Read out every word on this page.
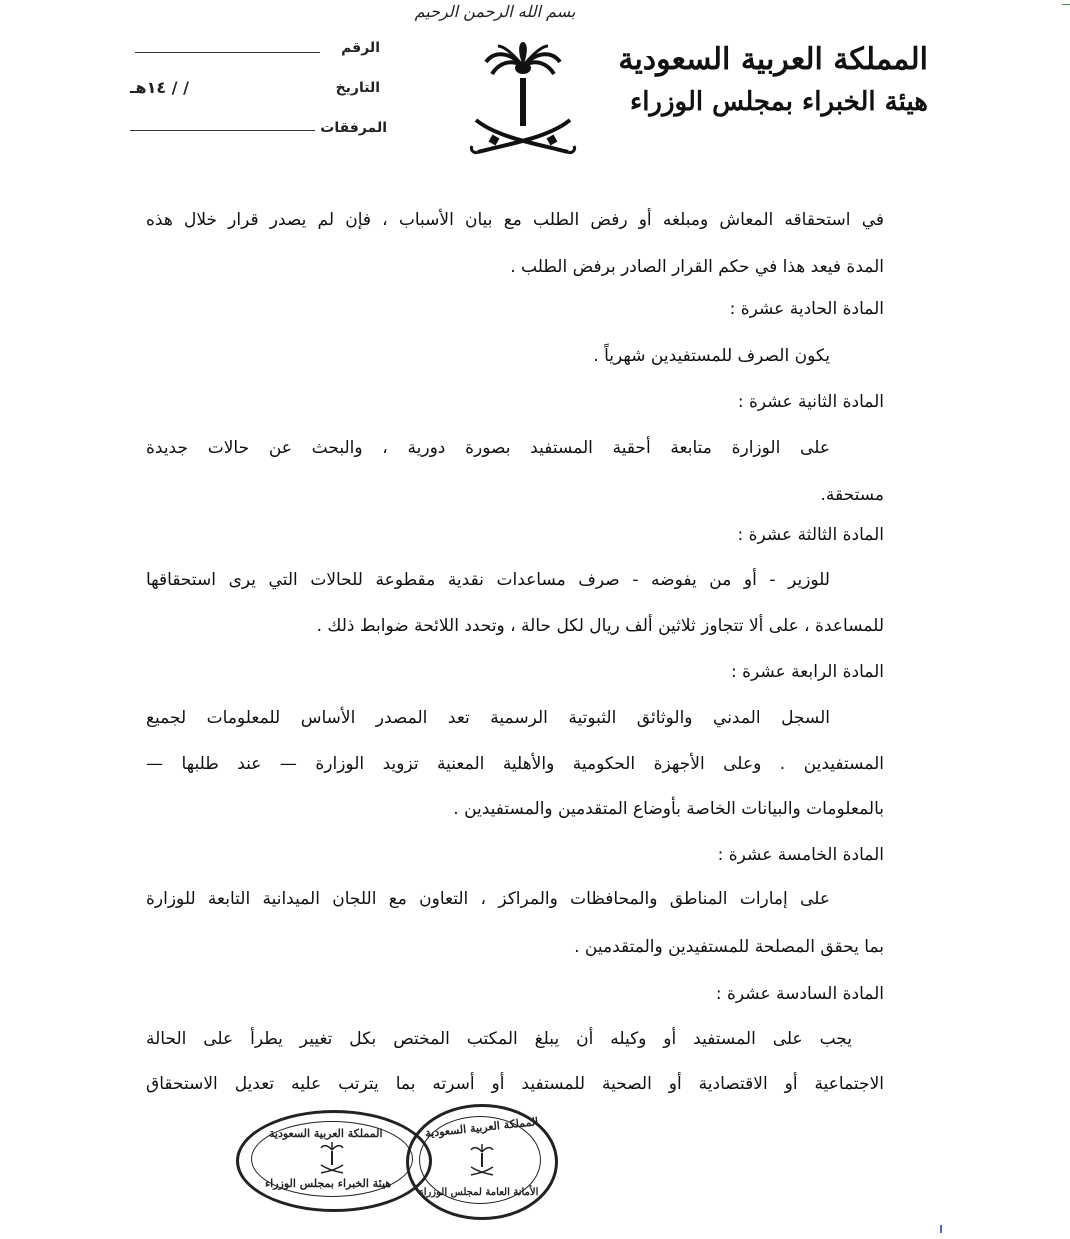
بسم الله الرحمن الرحيم
المملكة العربية السعودية
هيئة الخبراء بمجلس الوزراء
الرقم
التاريخ
/ / ١٤هـ
المرفقات
في استحقاقه المعاش ومبلغه أو رفض الطلب مع بيان الأسباب ، فإن لم يصدر قرار خلال هذه
المدة فيعد هذا في حكم القرار الصادر برفض الطلب .
المادة الحادية عشرة :
يكون الصرف للمستفيدين شهرياً .
المادة الثانية عشرة :
على الوزارة متابعة أحقية المستفيد بصورة دورية ، والبحث عن حالات جديدة
مستحقة.
المادة الثالثة عشرة :
للوزير - أو من يفوضه - صرف مساعدات نقدية مقطوعة للحالات التي يرى استحقاقها
للمساعدة ، على ألا تتجاوز ثلاثين ألف ريال لكل حالة ، وتحدد اللائحة ضوابط ذلك .
المادة الرابعة عشرة :
السجل المدني والوثائق الثبوتية الرسمية تعد المصدر الأساس للمعلومات لجميع
المستفيدين . وعلى الأجهزة الحكومية والأهلية المعنية تزويد الوزارة — عند طلبها —
بالمعلومات والبيانات الخاصة بأوضاع المتقدمين والمستفيدين .
المادة الخامسة عشرة :
على إمارات المناطق والمحافظات والمراكز ، التعاون مع اللجان الميدانية التابعة للوزارة
بما يحقق المصلحة للمستفيدين والمتقدمين .
المادة السادسة عشرة :
يجب على المستفيد أو وكيله أن يبلغ المكتب المختص بكل تغيير يطرأ على الحالة
الاجتماعية أو الاقتصادية أو الصحية للمستفيد أو أسرته بما يترتب عليه تعديل الاستحقاق
المملكة العربية السعودية
هيئة الخبراء بمجلس الوزراء
المملكة العربية السعودية
الأمانة العامة لمجلس الوزراء
